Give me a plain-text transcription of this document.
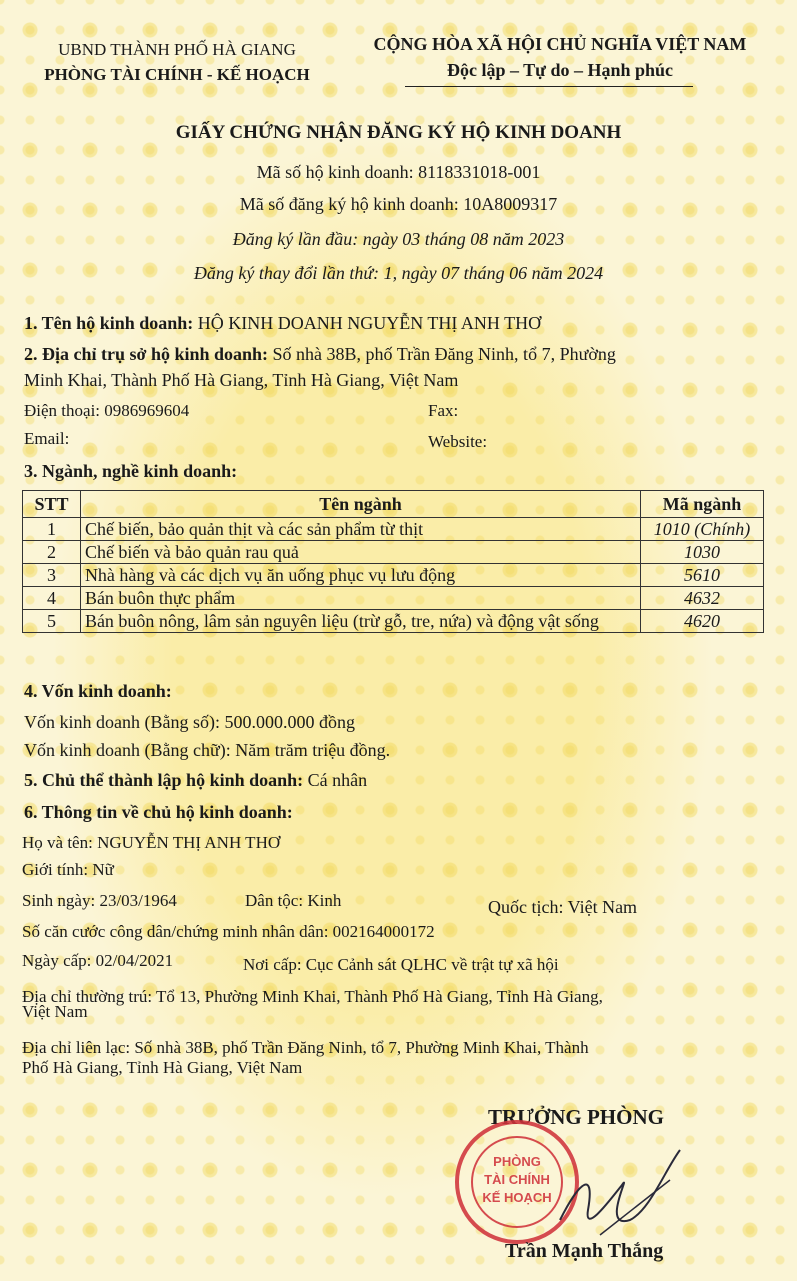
UBND THÀNH PHỐ HÀ GIANG
PHÒNG TÀI CHÍNH - KẾ HOẠCH
CỘNG HÒA XÃ HỘI CHỦ NGHĨA VIỆT NAM
Độc lập – Tự do – Hạnh phúc
GIẤY CHỨNG NHẬN ĐĂNG KÝ HỘ KINH DOANH
Mã số hộ kinh doanh: 8118331018-001
Mã số đăng ký hộ kinh doanh: 10A8009317
Đăng ký lần đầu: ngày 03 tháng 08 năm 2023
Đăng ký thay đổi lần thứ: 1, ngày 07 tháng 06 năm 2024
1. Tên hộ kinh doanh: HỘ KINH DOANH NGUYỄN THỊ ANH THƠ
2. Địa chỉ trụ sở hộ kinh doanh: Số nhà 38B, phố Trần Đăng Ninh, tổ 7, Phường
Minh Khai, Thành Phố Hà Giang, Tỉnh Hà Giang, Việt Nam
Điện thoại: 0986969604	Fax:
Email:	Website:
3. Ngành, nghề kinh doanh:
STT	Tên ngành	Mã ngành
1	Chế biến, bảo quản thịt và các sản phẩm từ thịt	1010 (Chính)
2	Chế biến và bảo quản rau quả	1030
3	Nhà hàng và các dịch vụ ăn uống phục vụ lưu động	5610
4	Bán buôn thực phẩm	4632
5	Bán buôn nông, lâm sản nguyên liệu (trừ gỗ, tre, nứa) và động vật sống	4620
4. Vốn kinh doanh:
Vốn kinh doanh (Bằng số): 500.000.000 đồng
Vốn kinh doanh (Bằng chữ): Năm trăm triệu đồng.
5. Chủ thể thành lập hộ kinh doanh: Cá nhân
6. Thông tin về chủ hộ kinh doanh:
Họ và tên: NGUYỄN THỊ ANH THƠ
Giới tính: Nữ
Sinh ngày: 23/03/1964	Dân tộc: Kinh	Quốc tịch: Việt Nam
Số căn cước công dân/chứng minh nhân dân: 002164000172
Ngày cấp: 02/04/2021	Nơi cấp: Cục Cảnh sát QLHC về trật tự xã hội
Địa chỉ thường trú: Tổ 13, Phường Minh Khai, Thành Phố Hà Giang, Tỉnh Hà Giang,
Việt Nam
Địa chỉ liên lạc: Số nhà 38B, phố Trần Đăng Ninh, tổ 7, Phường Minh Khai, Thành
Phố Hà Giang, Tỉnh Hà Giang, Việt Nam
TRƯỞNG PHÒNG
PHÒNG
TÀI CHÍNH
KẾ HOẠCH
Trần Mạnh Thắng
